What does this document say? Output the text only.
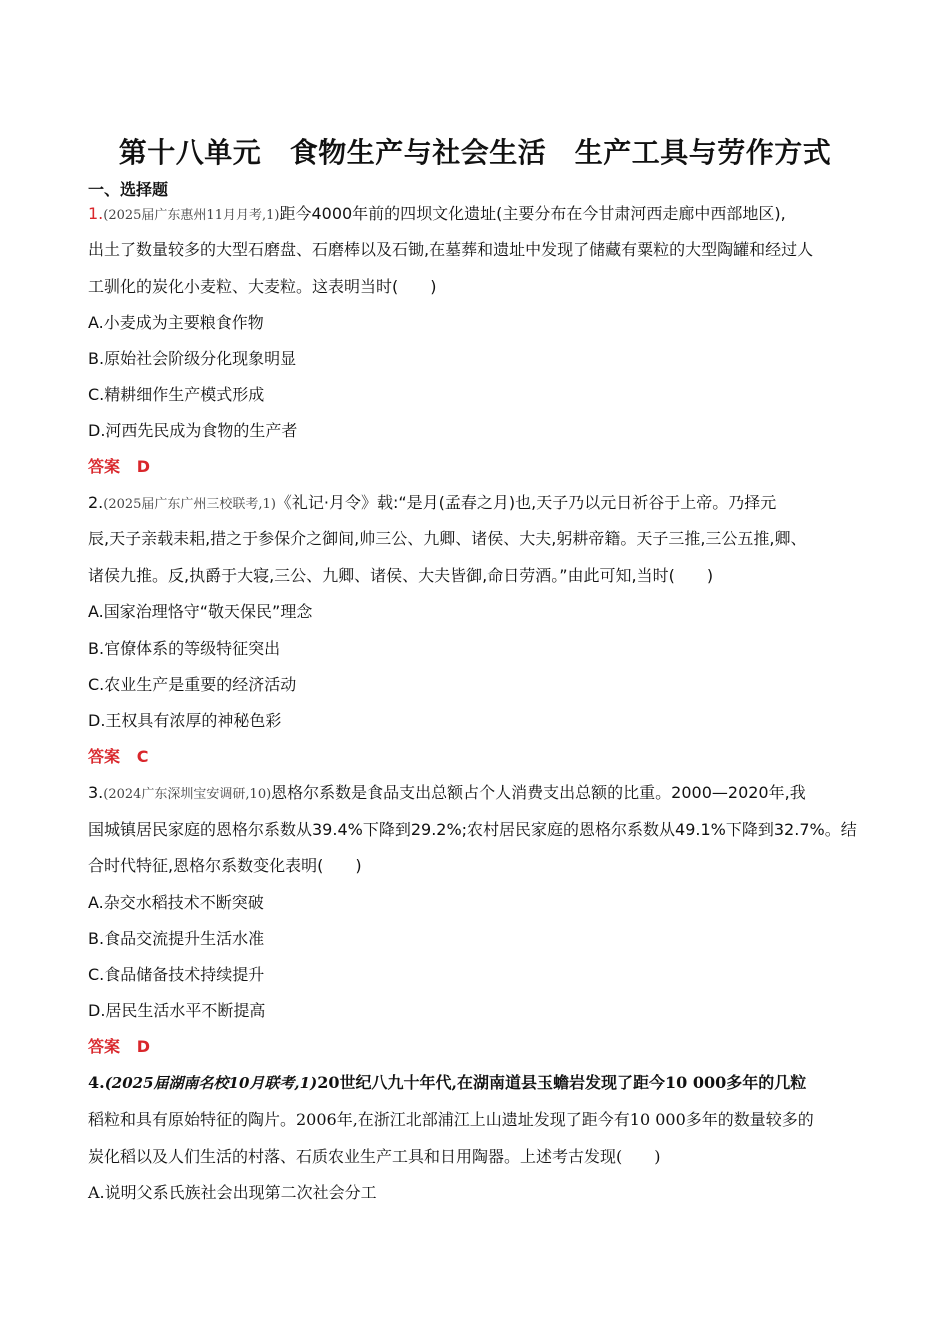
第十八单元　食物生产与社会生活　生产工具与劳作方式
一、选择题
1.(2025届广东惠州11月月考,1)距今4000年前的四坝文化遗址(主要分布在今甘肃河西走廊中西部地区),
出土了数量较多的大型石磨盘、石磨棒以及石锄,在墓葬和遗址中发现了储藏有粟粒的大型陶罐和经过人
工驯化的炭化小麦粒、大麦粒。这表明当时(　　)
A.小麦成为主要粮食作物
B.原始社会阶级分化现象明显
C.精耕细作生产模式形成
D.河西先民成为食物的生产者
答案 D
2.(2025届广东广州三校联考,1)《礼记·月令》载:“是月(孟春之月)也,天子乃以元日祈谷于上帝。乃择元
辰,天子亲载耒耜,措之于参保介之御间,帅三公、九卿、诸侯、大夫,躬耕帝籍。天子三推,三公五推,卿、
诸侯九推。反,执爵于大寝,三公、九卿、诸侯、大夫皆御,命日劳酒。”由此可知,当时(　　)
A.国家治理恪守“敬天保民”理念
B.官僚体系的等级特征突出
C.农业生产是重要的经济活动
D.王权具有浓厚的神秘色彩
答案 C
3.(2024广东深圳宝安调研,10)恩格尔系数是食品支出总额占个人消费支出总额的比重。2000—2020年,我
国城镇居民家庭的恩格尔系数从39.4%下降到29.2%;农村居民家庭的恩格尔系数从49.1%下降到32.7%。结
合时代特征,恩格尔系数变化表明(　　)
A.杂交水稻技术不断突破
B.食品交流提升生活水准
C.食品储备技术持续提升
D.居民生活水平不断提高
答案 D
4.(2025届湖南名校10月联考,1)20世纪八九十年代,在湖南道县玉蟾岩发现了距今10 000多年的几粒
稻粒和具有原始特征的陶片。2006年,在浙江北部浦江上山遗址发现了距今有10 000多年的数量较多的
炭化稻以及人们生活的村落、石质农业生产工具和日用陶器。上述考古发现(　　)
A.说明父系氏族社会出现第二次社会分工
